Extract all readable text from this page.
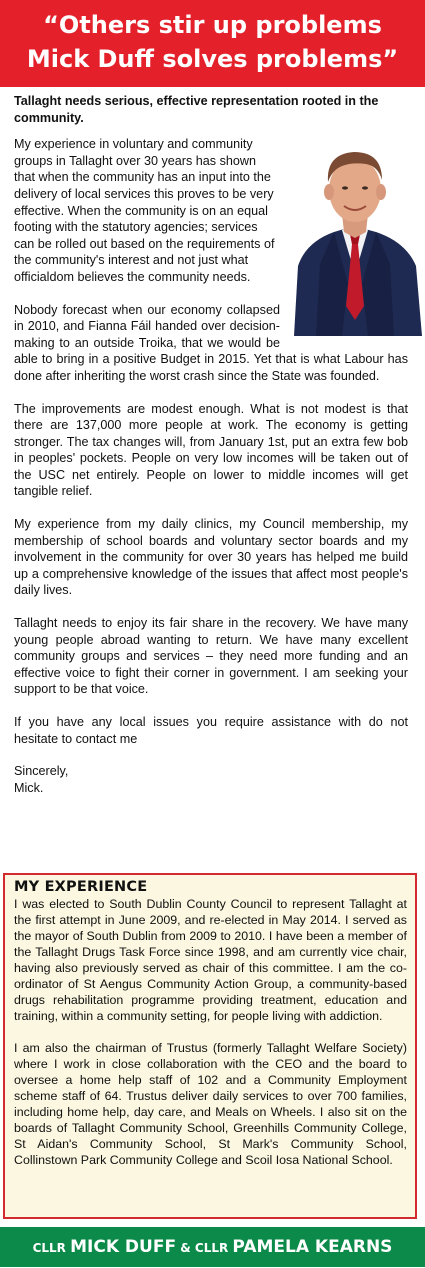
“Others stir up problems
Mick Duff solves problems”
Tallaght needs serious, effective representation rooted in the community.

My experience in voluntary and community groups in Tallaght over 30 years has shown that when the community has an input into the delivery of local services this proves to be very effective. When the community is on an equal footing with the statutory agencies; services can be rolled out based on the requirements of the community's interest and not just what officialdom believes the community needs.

Nobody forecast when our economy collapsed in 2010, and Fianna Fáil handed over decision-making to an outside Troika, that we would be able to bring in a positive Budget in 2015. Yet that is what Labour has done after inheriting the worst crash since the State was founded.

The improvements are modest enough. What is not modest is that there are 137,000 more people at work. The economy is getting stronger. The tax changes will, from January 1st, put an extra few bob in peoples' pockets. People on very low incomes will be taken out of the USC net entirely. People on lower to middle incomes will get tangible relief.

My experience from my daily clinics, my Council membership, my membership of school boards and voluntary sector boards and my involvement in the community for over 30 years has helped me build up a comprehensive knowledge of the issues that affect most people's daily lives.

Tallaght needs to enjoy its fair share in the recovery. We have many young people abroad wanting to return. We have many excellent community groups and services – they need more funding and an effective voice to fight their corner in government. I am seeking your support to be that voice.

If you have any local issues you require assistance with do not hesitate to contact me

Sincerely,
Mick.

MY EXPERIENCE

I was elected to South Dublin County Council to represent Tallaght at the first attempt in June 2009, and re-elected in May 2014. I served as the mayor of South Dublin from 2009 to 2010. I have been a member of the Tallaght Drugs Task Force since 1998, and am currently vice chair, having also previously served as chair of this committee. I am the co-ordinator of St Aengus Community Action Group, a community-based drugs rehabilitation programme providing treatment, education and training, within a community setting, for people living with addiction.

I am also the chairman of Trustus (formerly Tallaght Welfare Society) where I work in close collaboration with the CEO and the board to oversee a home help staff of 102 and a Community Employment scheme staff of 64. Trustus deliver daily services to over 700 families, including home help, day care, and Meals on Wheels. I also sit on the boards of Tallaght Community School, Greenhills Community College, St Aidan's Community School, St Mark's Community School, Collinstown Park Community College and Scoil Iosa National School.

CLLR MICK DUFF & CLLR PAMELA KEARNS
